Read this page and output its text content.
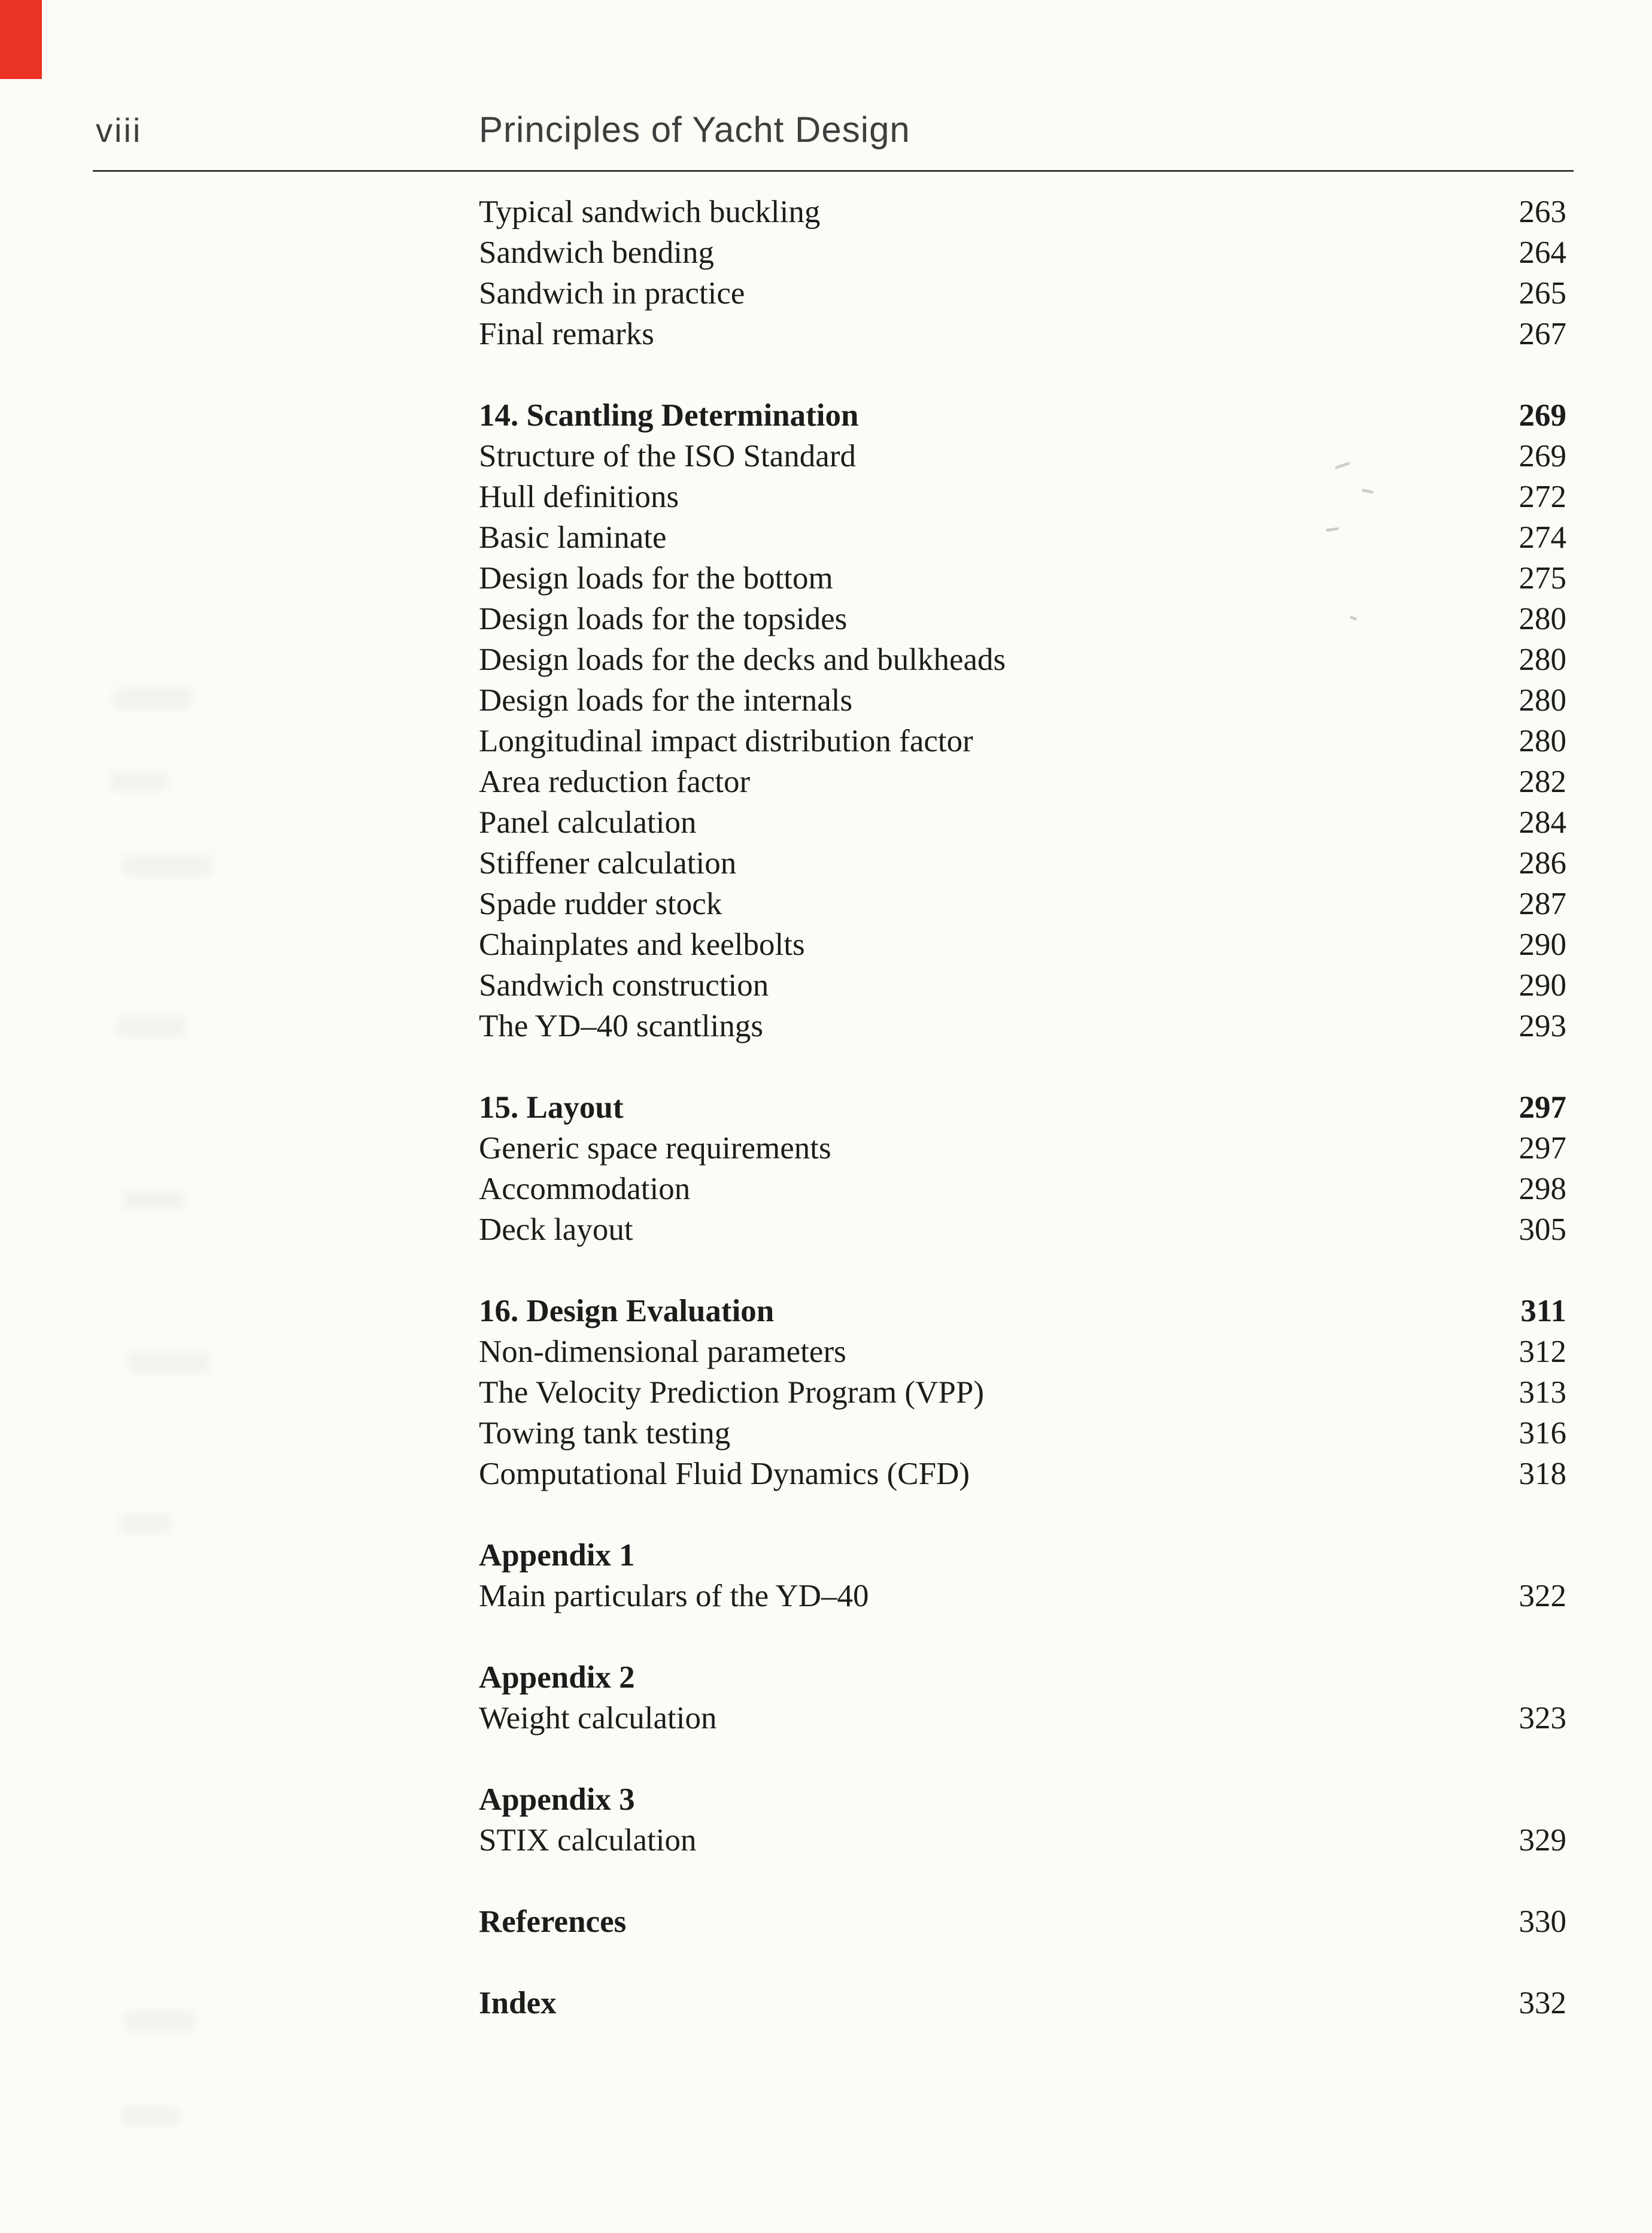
viii	Principles of Yacht Design
Typical sandwich buckling	263
Sandwich bending	264
Sandwich in practice	265
Final remarks	267
14. Scantling Determination	269
Structure of the ISO Standard	269
Hull definitions	272
Basic laminate	274
Design loads for the bottom	275
Design loads for the topsides	280
Design loads for the decks and bulkheads	280
Design loads for the internals	280
Longitudinal impact distribution factor	280
Area reduction factor	282
Panel calculation	284
Stiffener calculation	286
Spade rudder stock	287
Chainplates and keelbolts	290
Sandwich construction	290
The YD–40 scantlings	293
15. Layout	297
Generic space requirements	297
Accommodation	298
Deck layout	305
16. Design Evaluation	311
Non-dimensional parameters	312
The Velocity Prediction Program (VPP)	313
Towing tank testing	316
Computational Fluid Dynamics (CFD)	318
Appendix 1
Main particulars of the YD–40	322
Appendix 2
Weight calculation	323
Appendix 3
STIX calculation	329
References	330
Index	332
